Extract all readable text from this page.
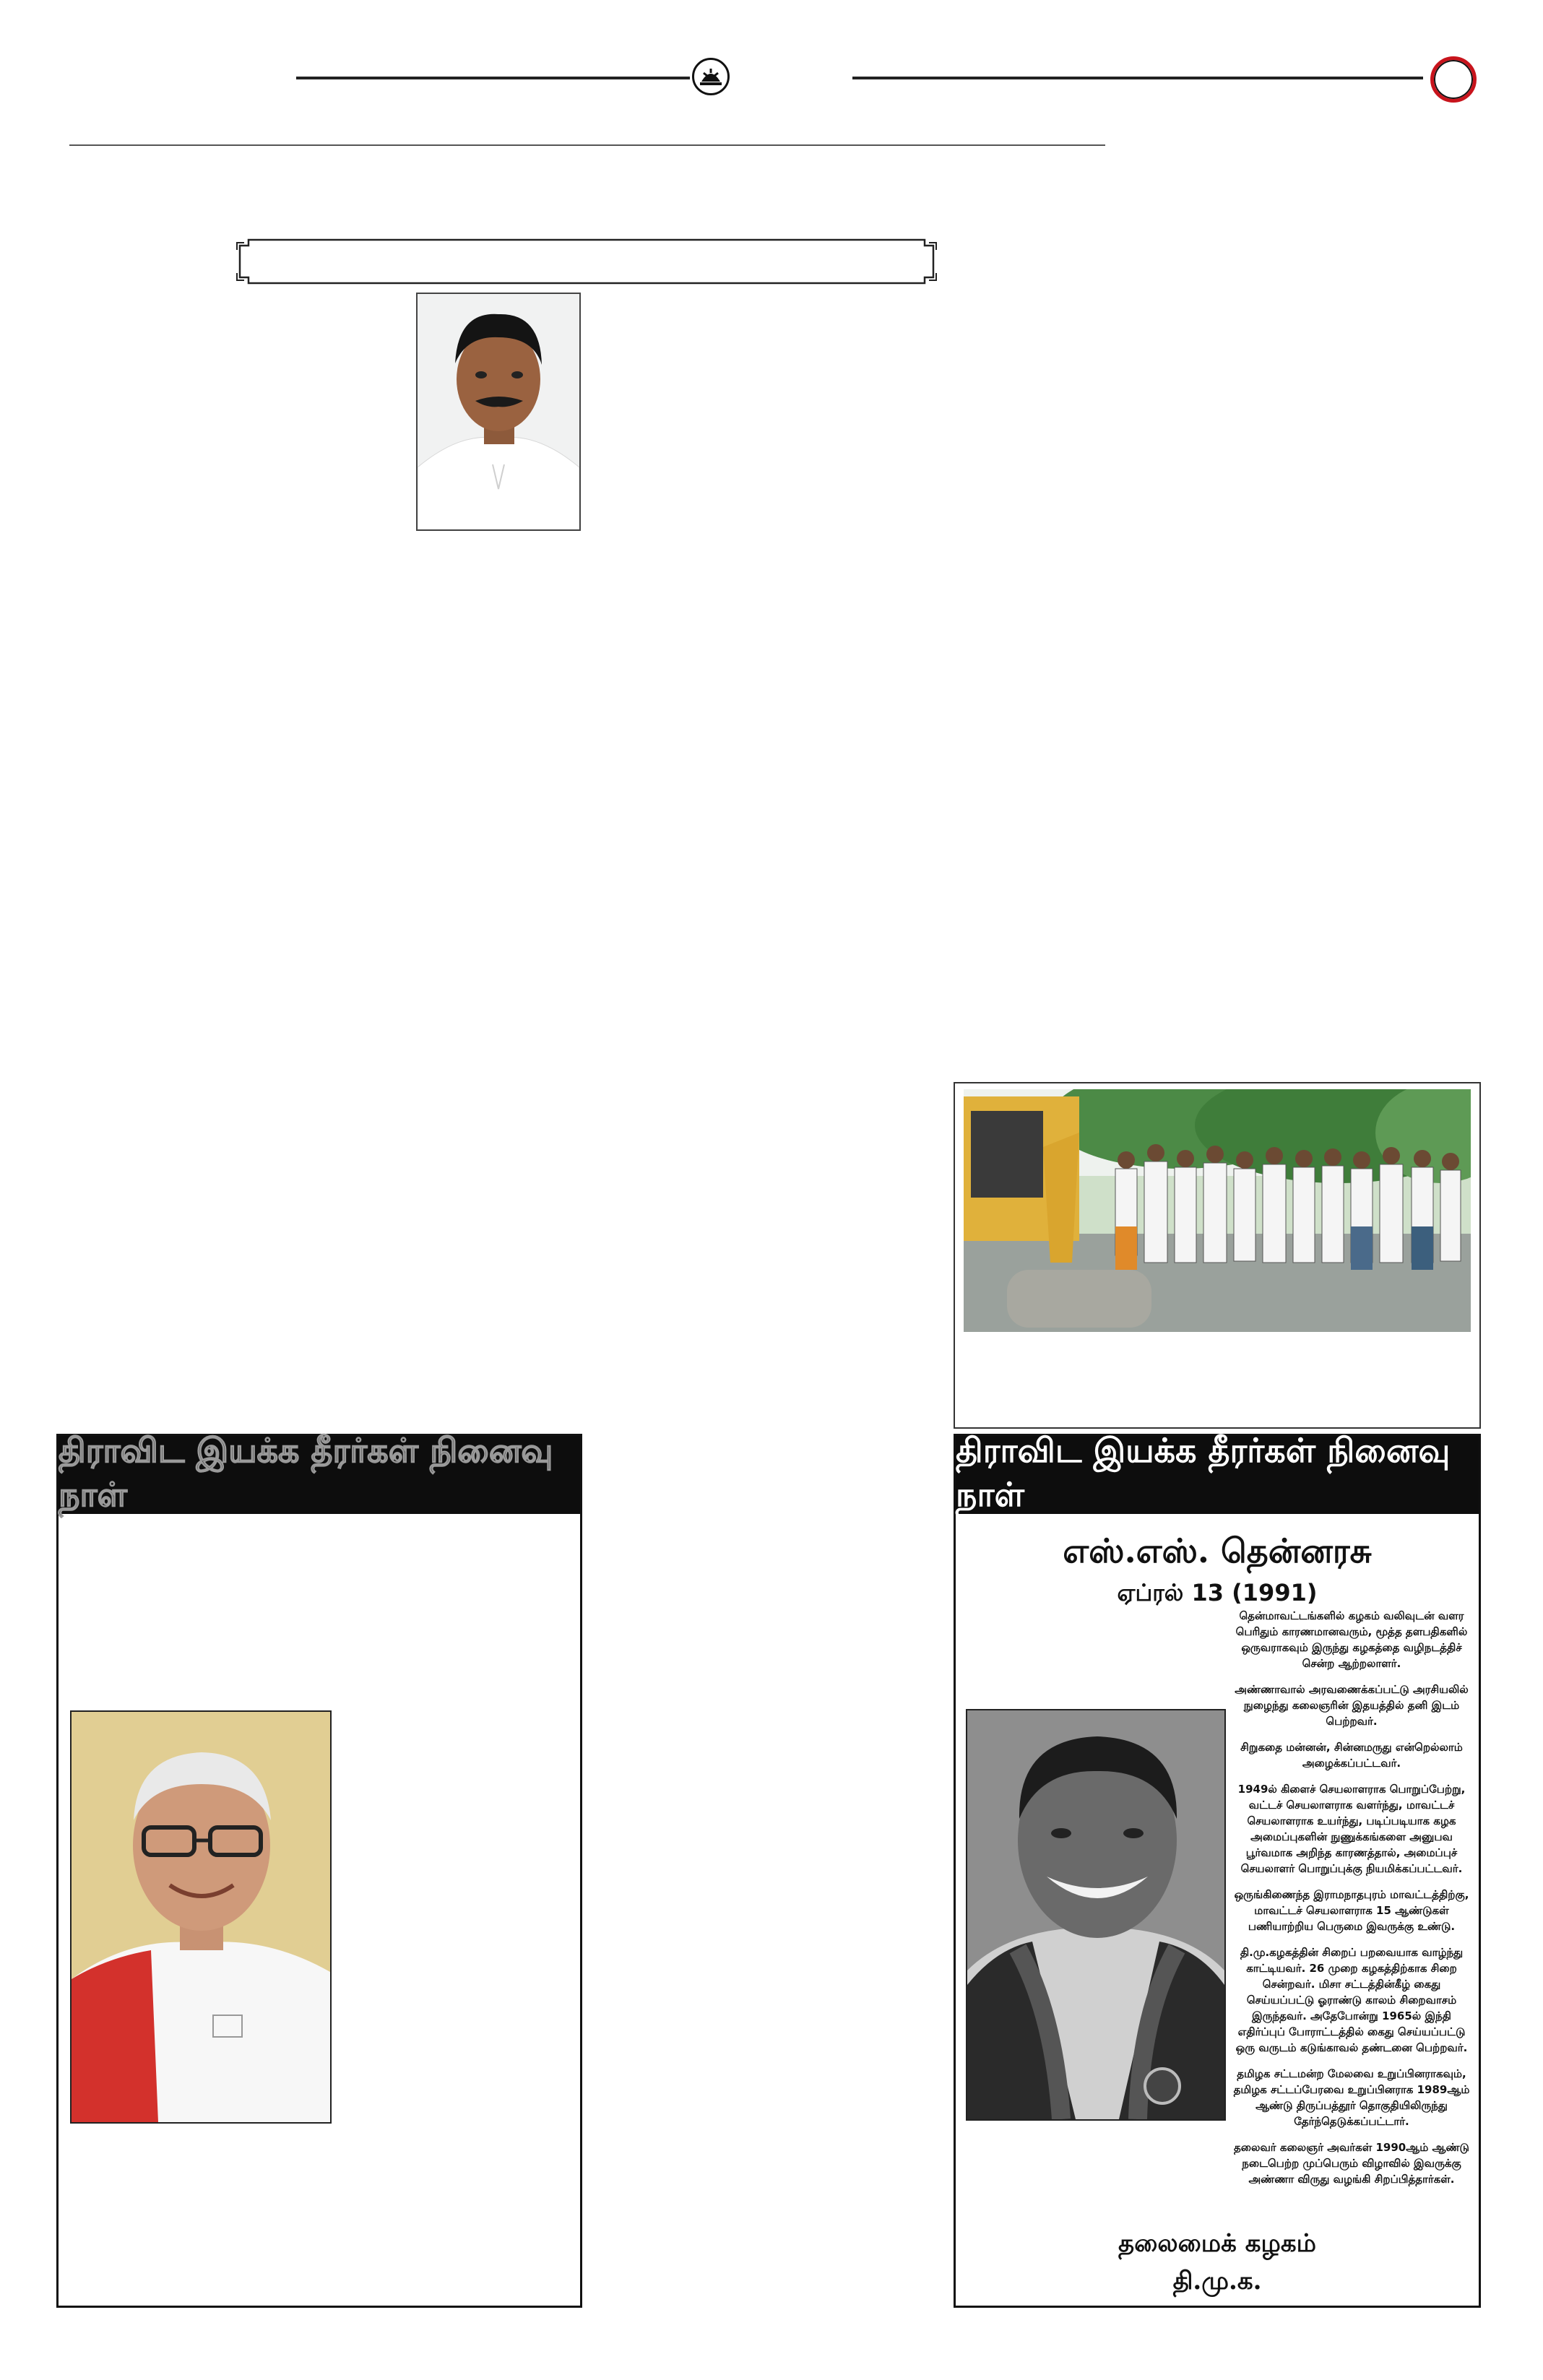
திராவிட இயக்க தீரர்கள் நினைவு நாள்
திராவிட இயக்க தீரர்கள் நினைவு நாள்
எஸ்.எஸ். தென்னரசு
ஏப்ரல் 13 (1991)

தென்மாவட்டங்களில் கழகம் வலிவுடன் வளர பெரிதும் காரணமானவரும், மூத்த தளபதிகளில் ஒருவராகவும் இருந்து கழகத்தை வழிநடத்திச் சென்ற ஆற்றலாளர்.

அண்ணாவால் அரவணைக்கப்பட்டு அரசியலில் நுழைந்து கலைஞரின் இதயத்தில் தனி இடம் பெற்றவர்.

சிறுகதை மன்னன், சின்னமருது என்றெல்லாம் அழைக்கப்பட்டவர்.

1949ல் கிளைச் செயலாளராக பொறுப்பேற்று, வட்டச் செயலாளராக வளர்ந்து, மாவட்டச் செயலாளராக உயர்ந்து, படிப்படியாக கழக அமைப்புகளின் நுணுக்கங்களை அனுபவ பூர்வமாக அறிந்த காரணத்தால், அமைப்புச் செயலாளர் பொறுப்புக்கு நியமிக்கப்பட்டவர்.

ஒருங்கிணைந்த இராமநாதபுரம் மாவட்டத்திற்கு, மாவட்டச் செயலாளராக 15 ஆண்டுகள் பணியாற்றிய பெருமை இவருக்கு உண்டு.

தி.மு.கழகத்தின் சிறைப் பறவையாக வாழ்ந்து காட்டியவர். 26 முறை கழகத்திற்காக சிறை சென்றவர். மிசா சட்டத்தின்கீழ் கைது செய்யப்பட்டு ஓராண்டு காலம் சிறைவாசம் இருந்தவர். அதேபோன்று 1965ல் இந்தி எதிர்ப்புப் போராட்டத்தில் கைது செய்யப்பட்டு ஒரு வருடம் கடுங்காவல் தண்டனை பெற்றவர்.

தமிழக சட்டமன்ற மேலவை உறுப்பினராகவும், தமிழக சட்டப்பேரவை உறுப்பினராக 1989ஆம் ஆண்டு திருப்பத்தூர் தொகுதியிலிருந்து தேர்ந்தெடுக்கப்பட்டார்.

தலைவர் கலைஞர் அவர்கள் 1990ஆம் ஆண்டு நடைபெற்ற முப்பெரும் விழாவில் இவருக்கு அண்ணா விருது வழங்கி சிறப்பித்தார்கள்.

தலைமைக் கழகம்
தி.மு.க.
